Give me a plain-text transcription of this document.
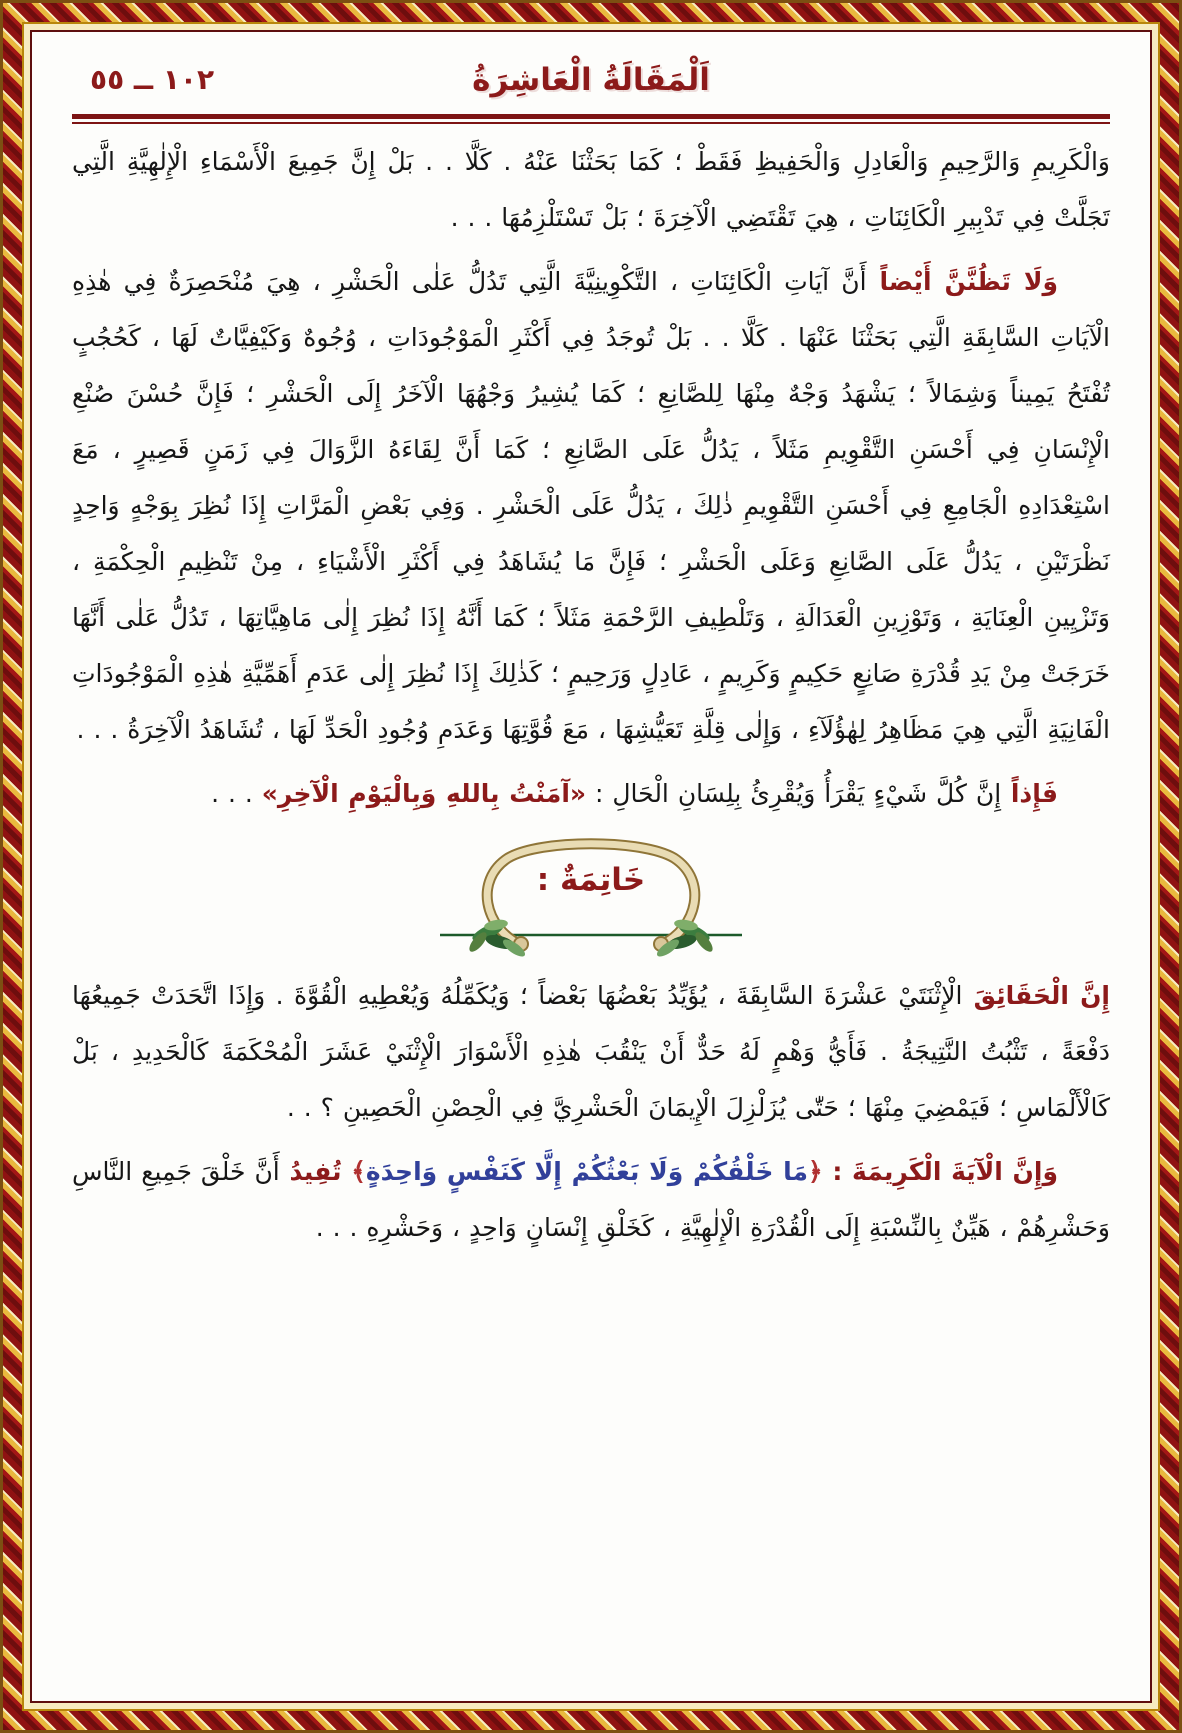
١٠٢ ــ ٥٥	اَلْمَقَالَةُ الْعَاشِرَةُ

وَالْكَرِيمِ وَالرَّحِيمِ وَالْعَادِلِ وَالْحَفِيظِ فَقَطْ ؛ كَمَا بَحَثْنَا عَنْهُ . كَلَّا . . بَلْ إِنَّ جَمِيعَ الْأَسْمَاءِ الْإِلٰهِيَّةِ الَّتِي تَجَلَّتْ فِي تَدْبِيرِ الْكَائِنَاتِ ، هِيَ تَقْتَضِي الْآخِرَةَ ؛ بَلْ تَسْتَلْزِمُهَا . . .

وَلَا تَظُنَّنَّ أَيْضاً أَنَّ آيَاتِ الْكَائِنَاتِ ، التَّكْوِينِيَّةَ الَّتِي تَدُلُّ عَلٰى الْحَشْرِ ، هِيَ مُنْحَصِرَةٌ فِي هٰذِهِ الْآيَاتِ السَّابِقَةِ الَّتِي بَحَثْنَا عَنْهَا . كَلَّا . . بَلْ تُوجَدُ فِي أَكْثَرِ الْمَوْجُودَاتِ ، وُجُوهٌ وَكَيْفِيَّاتٌ لَهَا ، كَحُجُبٍ تُفْتَحُ يَمِيناً وَشِمَالاً ؛ يَشْهَدُ وَجْهٌ مِنْهَا لِلصَّانِعِ ؛ كَمَا يُشِيرُ وَجْهُهَا الْآخَرُ إِلَى الْحَشْرِ ؛ فَإِنَّ حُسْنَ صُنْعِ الْإِنْسَانِ فِي أَحْسَنِ التَّقْوِيمِ مَثَلاً ، يَدُلُّ عَلَى الصَّانِعِ ؛ كَمَا أَنَّ لِقَاءَهُ الزَّوَالَ فِي زَمَنٍ قَصِيرٍ ، مَعَ اسْتِعْدَادِهِ الْجَامِعِ فِي أَحْسَنِ التَّقْوِيمِ ذٰلِكَ ، يَدُلُّ عَلَى الْحَشْرِ . وَفِي بَعْضِ الْمَرَّاتِ إِذَا نُظِرَ بِوَجْهٍ وَاحِدٍ نَظْرَتَيْنِ ، يَدُلُّ عَلَى الصَّانِعِ وَعَلَى الْحَشْرِ ؛ فَإِنَّ مَا يُشَاهَدُ فِي أَكْثَرِ الْأَشْيَاءِ ، مِنْ تَنْظِيمِ الْحِكْمَةِ ، وَتَزْيِينِ الْعِنَايَةِ ، وَتَوْزِينِ الْعَدَالَةِ ، وَتَلْطِيفِ الرَّحْمَةِ مَثَلاً ؛ كَمَا أَنَّهُ إِذَا نُظِرَ إِلٰى مَاهِيَّاتِهَا ، تَدُلُّ عَلٰى أَنَّهَا خَرَجَتْ مِنْ يَدِ قُدْرَةِ صَانِعٍ حَكِيمٍ وَكَرِيمٍ ، عَادِلٍ وَرَحِيمٍ ؛ كَذٰلِكَ إِذَا نُظِرَ إِلٰى عَدَمِ أَهَمِّيَّةِ هٰذِهِ الْمَوْجُودَاتِ الْفَانِيَةِ الَّتِي هِيَ مَظَاهِرُ لِهٰؤُلَآءِ ، وَإِلٰى قِلَّةِ تَعَيُّشِهَا ، مَعَ قُوَّتِهَا وَعَدَمِ وُجُودِ الْحَدِّ لَهَا ، تُشَاهَدُ الْآخِرَةُ . . .

فَإِذاً إِنَّ كُلَّ شَيْءٍ يَقْرَأُ وَيُقْرِئُ بِلِسَانِ الْحَالِ : «آمَنْتُ بِاللهِ وَبِالْيَوْمِ الْآخِرِ» . . .

خَاتِمَةٌ :

إِنَّ الْحَقَائِقَ الْإِثْنَتَيْ عَشْرَةَ السَّابِقَةَ ، يُؤَيِّدُ بَعْضُهَا بَعْضاً ؛ وَيُكَمِّلُهُ وَيُعْطِيهِ الْقُوَّةَ . وَإِذَا اتَّحَدَتْ جَمِيعُهَا دَفْعَةً ، تَثْبُتُ النَّتِيجَةُ . فَأَيُّ وَهْمٍ لَهُ حَدٌّ أَنْ يَنْقُبَ هٰذِهِ الْأَسْوَارَ الْإِثْنَيْ عَشَرَ الْمُحْكَمَةَ كَالْحَدِيدِ ، بَلْ كَالْأَلْمَاسِ ؛ فَيَمْضِيَ مِنْهَا ؛ حَتّٰى يُزَلْزِلَ الْإِيمَانَ الْحَشْرِيَّ فِي الْحِصْنِ الْحَصِينِ ؟ . .

وَإِنَّ الْآيَةَ الْكَرِيمَةَ : ﴿مَا خَلْقُكُمْ وَلَا بَعْثُكُمْ إِلَّا كَنَفْسٍ وَاحِدَةٍ﴾ تُفِيدُ أَنَّ خَلْقَ جَمِيعِ النَّاسِ وَحَشْرِهُمْ ، هَيِّنٌ بِالنِّسْبَةِ إِلَى الْقُدْرَةِ الْإِلٰهِيَّةِ ، كَخَلْقِ إِنْسَانٍ وَاحِدٍ ، وَحَشْرِهِ . . .
